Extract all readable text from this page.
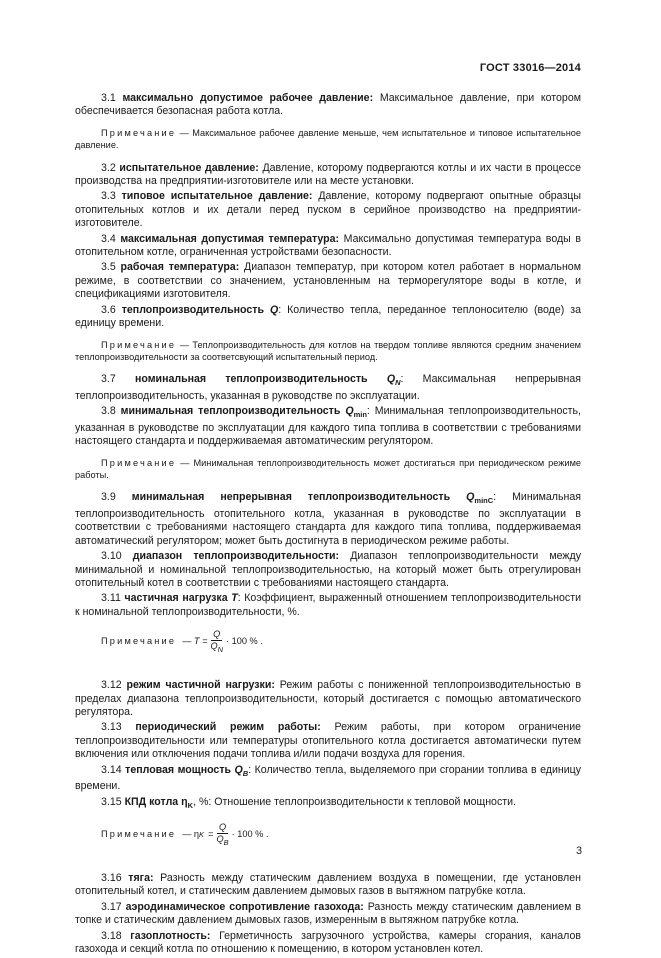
ГОСТ 33016—2014

3.1 максимально допустимое рабочее давление: Максимальное давление, при котором обеспечивается безопасная работа котла.

Примечание — Максимальное рабочее давление меньше, чем испытательное и типовое испытательное давление.

3.2 испытательное давление: Давление, которому подвергаются котлы и их части в процессе производства на предприятии-изготовителе или на месте установки.

3.3 типовое испытательное давление: Давление, которому подвергают опытные образцы отопительных котлов и их детали перед пуском в серийное производство на предприятии-изготовителе.

3.4 максимальная допустимая температура: Максимально допустимая температура воды в отопительном котле, ограниченная устройствами безопасности.

3.5 рабочая температура: Диапазон температур, при котором котел работает в нормальном режиме, в соответствии со значением, установленным на терморегуляторе воды в котле, и спецификациями изготовителя.

3.6 теплопроизводительность Q: Количество тепла, переданное теплоносителю (воде) за единицу времени.

Примечание — Теплопроизводительность для котлов на твердом топливе являются средним значением теплопроизводительности за соответсвующий испытательный период.

3.7 номинальная теплопроизводительность $Q_N$: Максимальная непрерывная теплопроизводительность, указанная в руководстве по эксплуатации.

3.8 минимальная теплопроизводительность $Q_{min}$: Минимальная теплопроизводительность, указанная в руководстве по эксплуатации для каждого типа топлива в соответствии с требованиями настоящего стандарта и поддерживаемая автоматическим регулятором.

Примечание — Минимальная теплопроизводительность может достигаться при периодическом режиме работы.

3.9 минимальная непрерывная теплопроизводительность $Q_{minC}$: Минимальная теплопроизводительность отопительного котла, указанная в руководстве по эксплуатации в соответствии с требованиями настоящего стандарта для каждого типа топлива, поддерживаемая автоматический регулятором; может быть достигнута в периодическом режиме работы.

3.10 диапазон теплопроизводительности: Диапазон теплопроизводительности между минимальной и номинальной теплопроизводительностью, на который может быть отрегулирован отопительный котел в соответствии с требованиями настоящего стандарта.

3.11 частичная нагрузка T: Коэффициент, выраженный отношением теплопроизводительности к номинальной теплопроизводительности, %.

Примечание — $T = \frac{Q}{Q_N} \cdot 100$ % .

3.12 режим частичной нагрузки: Режим работы с пониженной теплопроизводительностью в пределах диапазона теплопроизводительности, который достигается с помощью автоматического регулятора.

3.13 периодический режим работы: Режим работы, при котором ограничение теплопроизводительности или температуры отопительного котла достигается автоматически путем включения или отключения подачи топлива и/или подачи воздуха для горения.

3.14 тепловая мощность $Q_B$: Количество тепла, выделяемого при сгорании топлива в единицу времени.

3.15 КПД котла $\eta_K$, %: Отношение теплопроизводительности к тепловой мощности.

Примечание — η $K = \frac{Q}{Q_B} \cdot 100$ % .

3.16 тяга: Разность между статическим давлением воздуха в помещении, где установлен отопительный котел, и статическим давлением дымовых газов в вытяжном патрубке котла.

3.17 аэродинамическое сопротивление газохода: Разность между статическим давлением в топке и статическим давлением дымовых газов, измеренным в вытяжном патрубке котла.

3.18 газоплотность: Герметичность загрузочного устройства, камеры сгорания, каналов газохода и секций котла по отношению к помещению, в котором установлен котел.

3
